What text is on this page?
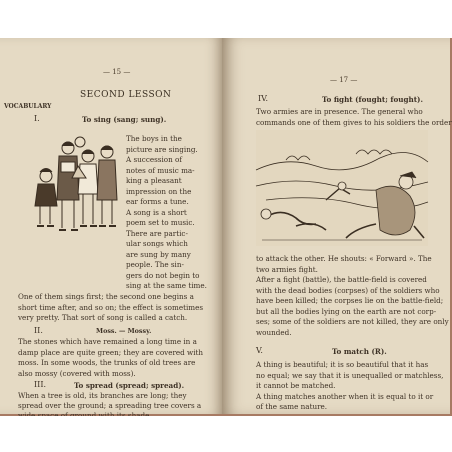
— 15 —
SECOND LESSON
VOCABULARY
I.	To sing (sang; sung).
The boys in the
picture are singing.
A succession of
notes of music ma-
king a pleasant
impression on the
ear forms a tune.
A song is a short
poem set to music.
There are partic-
ular songs which
are sung by many
people. The sin-
gers do not begin to
sing at the same time.
One of them sings first; the second one begins a
short time after, and so on; the effect is sometimes
very pretty. That sort of song is called a catch.
II.	Moss. — Mossy.
The stones which have remained a long time in a
damp place are quite green; they are covered with
moss. In some woods, the trunks of old trees are
also mossy (covered with moss).
III.	To spread (spread; spread).
When a tree is old, its branches are long; they
spread over the ground; a spreading tree covers a
— 17 —
IV.	To fight (fought; fought).
Two armies are in presence. The general who
commands one of them gives to his soldiers the order
to attack the other. He shouts: « Forward ». The
two armies fight.
After a fight (battle), the battle-field is covered
with the dead bodies (corpses) of the soldiers who
have been killed; the corpses lie on the battle-field;
but all the bodies lying on the earth are not corp-
ses; some of the soldiers are not killed, they are only
wounded.
V.	To match (R).
A thing is beautiful; it is so beautiful that it has
no equal; we say that it is unequalled or matchless,
it cannot be matched.
A thing matches another when it is equal to it or
of the same nature.
